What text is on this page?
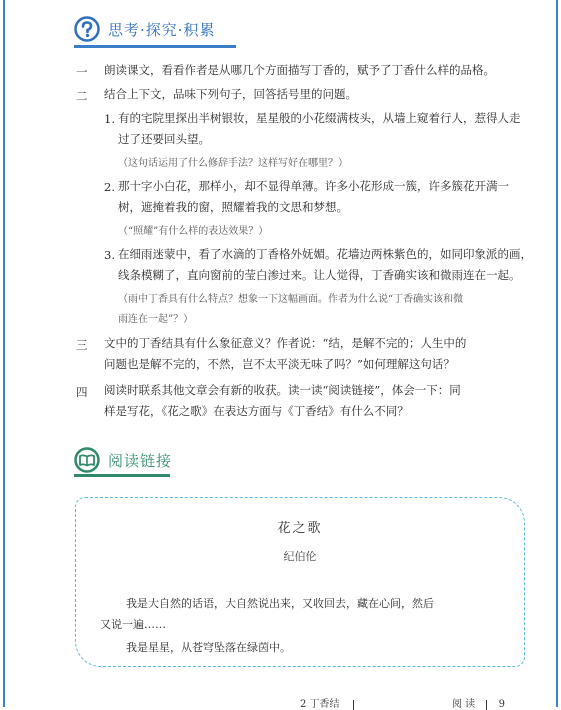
思考·探究·积累
一 朗读课文，看看作者是从哪几个方面描写丁香的，赋予了丁香什么样的品格。
二 结合上下文，品味下列句子，回答括号里的问题。
1. 有的宅院里探出半树银妆，星星般的小花缀满枝头，从墙上窥着行人，惹得人走
过了还要回头望。
（这句话运用了什么修辞手法？这样写好在哪里？）
2. 那十字小白花，那样小，却不显得单薄。许多小花形成一簇，许多簇花开满一
树，遮掩着我的窗，照耀着我的文思和梦想。
（“照耀”有什么样的表达效果？）
3. 在细雨迷蒙中，看了水滴的丁香格外妩媚。花墙边两株紫色的，如同印象派的画，
线条模糊了，直向窗前的莹白渗过来。让人觉得，丁香确实该和微雨连在一起。
（雨中丁香具有什么特点？想象一下这幅画面。作者为什么说“丁香确实该和微
雨连在一起”？）
三 文中的丁香结具有什么象征意义？作者说：“结，是解不完的；人生中的
问题也是解不完的，不然，岂不太平淡无味了吗？”如何理解这句话？
四 阅读时联系其他文章会有新的收获。读一读“阅读链接”，体会一下：同
样是写花，《花之歌》在表达方面与《丁香结》有什么不同？
阅读链接
花之歌
纪伯伦
我是大自然的话语，大自然说出来，又收回去，藏在心间，然后
又说一遍……
我是星星，从苍穹坠落在绿茵中。
2 丁香结	阅 读 9
